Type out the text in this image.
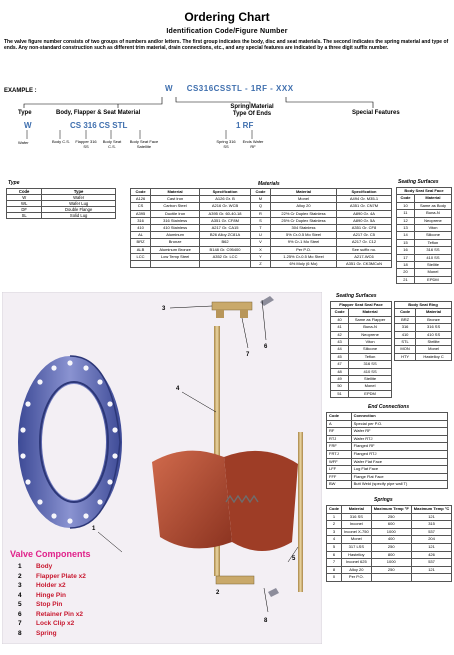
Ordering Chart
Identification Code/Figure Number
The valve figure number consists of two groups of numbers and/or letters. The first group indicates the body, disc and seat materials. The second indicates the spring material and type of ends. Any non-standard construction such as different trim material, drain connections, etc., and any special features are indicated by a three digit suffix number.
EXAMPLE :	W CS316CSSTL - 1RF - XXX
Type	Body, Flapper & Seat Material
Spring Material
Type Of Ends	Special Features
W	CS 316 CS STL	1 RF
Wafer	Body C.S.	Flapper 316 SS
Body Seat C.S.
Body Seat Face Satellite
Spring 316 SS
Ends Wafer RF
Type
Code	Type
W	Wafer
WL	Wafer Lug
DF	Double Flange
SL	Solid Lug
Materials
Code	Material	Specification	Code	Material	Specification
A126	Cast Iron	A126 Gr. B	M	Monel	A494 Gr. M35-1
CS	Carbon Steel	A216 Gr. WCB	Q	Alloy 20	A351 Gr. CN7M
A395	Ductile Iron	A395 Gr. 60-40-18	R	22% Cr Duplex Stainless	A890 Gr. 4A
316	316 Stainless	A351 Gr. CF8M	S	25% Cr Duplex Stainless	A890 Gr. 5A
410	410 Stainless	A217 Gr. CA15	T	304 Stainless	A351 Gr. CF8
AL	Aluminum	B26 Alloy ZC81A	U	5% Cr-0.5 Mo Steel	A217 Gr. C5
BRZ	Bronze	B62	V	9% Cr-1 Mo Steel	A217 Gr. C12
ALB	Aluminum Bronze	B148 Gr. C95400	X	Per P.O.	See suffix no.
LCC	Low Temp Steel	A352 Gr. LCC	Y	1.25% Cr-0.5 Mo Steel	A217-WC6
			Z	6% Moly (6 Mo)	A351 Gr. CK3MCuN
Seating Surfaces
Body Seat Seal Face	
Code	Material
10	Same as Body
11	Buna-N
12	Neoprene
13	Viton
14	Silicone
15	Teflon
16	316 SS
17	410 SS
18	Stellite
20	Monel
21	EPDM
3
4
7
6
1
2
5
8
Valve Components
1 Body
2 Flapper Plate x2
3 Holder x2
4 Hinge Pin
5 Stop Pin
6 Retainer Pin x2
7 Lock Clip x2
8 Spring
Seating Surfaces
Flapper Seat Seal Face	
Code	Material
40	Same as Flapper
41	Buna-N
42	Neoprene
43	Viton
44	Silicone
45	Teflon
47	316 SS
48	410 SS
49	Stellite
50	Monel
51	EPDM
Body Seat Ring	
Code	Material
BRZ	Bronze
316	316 SS
410	410 SS
STL	Stellite
MON	Monel
HTY	Hastelloy C
End Connections
Code	Connection
A	Special per P.O.
RF	Wafer RF
RTJ	Wafer RTJ
FRF	Flanged RF
FRTJ	Flanged RTJ
WFF	Wafer Flat Face
LFF	Lug Flat Face
FFF	Flange Flat Face
BW	Butt Weld (specify pipe wall T)
Springs
Code	Material	Maximum Temp °F	Maximum Temp °C
1	316 SS	250	121
2	Inconel	600	315
3	Inconel X-750	1000	537
4	Monel	400	204
5	317 LSS	250	121
6	Hastelloy	800	426
7	Inconel 625	1000	537
8	Alloy 20	250	121
0	Per P.O.		
